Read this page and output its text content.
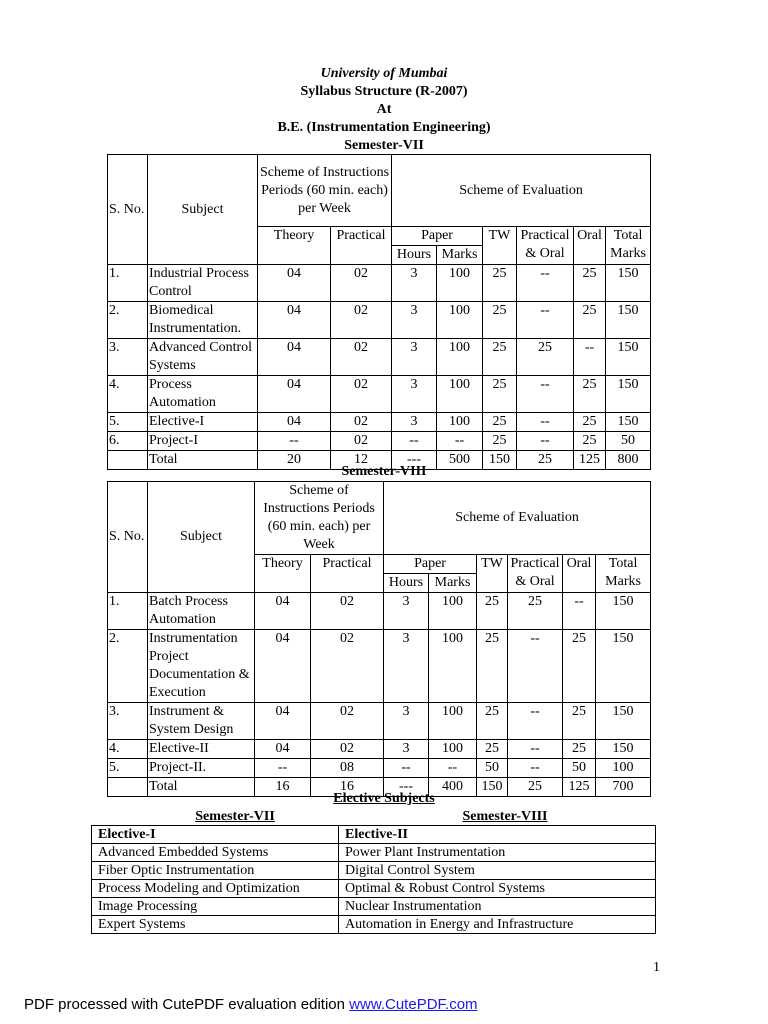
University of Mumbai
Syllabus Structure (R-2007)
At
B.E. (Instrumentation Engineering)
Semester-VII
S. No.	Subject	Scheme of Instructions Periods (60 min. each) per Week		Scheme of Evaluation					
		Theory	Practical	Paper		TW	Practical & Oral	Oral	Total Marks
				Hours	Marks				
1.	Industrial Process Control	04	02	3	100	25	--	25	150
2.	Biomedical Instrumentation.	04	02	3	100	25	--	25	150
3.	Advanced Control Systems	04	02	3	100	25	25	--	150
4.	Process Automation	04	02	3	100	25	--	25	150
5.	Elective-I	04	02	3	100	25	--	25	150
6.	Project-I	--	02	--	--	25	--	25	50
	Total	20	12	---	500	150	25	125	800
Semester-VIII
S. No.	Subject	Scheme of Instructions Periods (60 min. each) per Week		Scheme of Evaluation					
		Theory	Practical	Paper		TW	Practical & Oral	Oral	Total Marks
				Hours	Marks				
1.	Batch Process Automation	04	02	3	100	25	25	--	150
2.	Instrumentation Project Documentation & Execution	04	02	3	100	25	--	25	150
3.	Instrument & System Design	04	02	3	100	25	--	25	150
4.	Elective-II	04	02	3	100	25	--	25	150
5.	Project-II.	--	08	--	--	50	--	50	100
	Total	16	16	---	400	150	25	125	700
Elective Subjects
Semester-VII	Semester-VIII
Elective-I	Elective-II
Advanced Embedded Systems	Power Plant Instrumentation
Fiber Optic Instrumentation	Digital Control System
Process Modeling and Optimization	Optimal & Robust Control Systems
Image Processing	Nuclear Instrumentation
Expert Systems	Automation in Energy and Infrastructure
1
PDF processed with CutePDF evaluation edition www.CutePDF.com
